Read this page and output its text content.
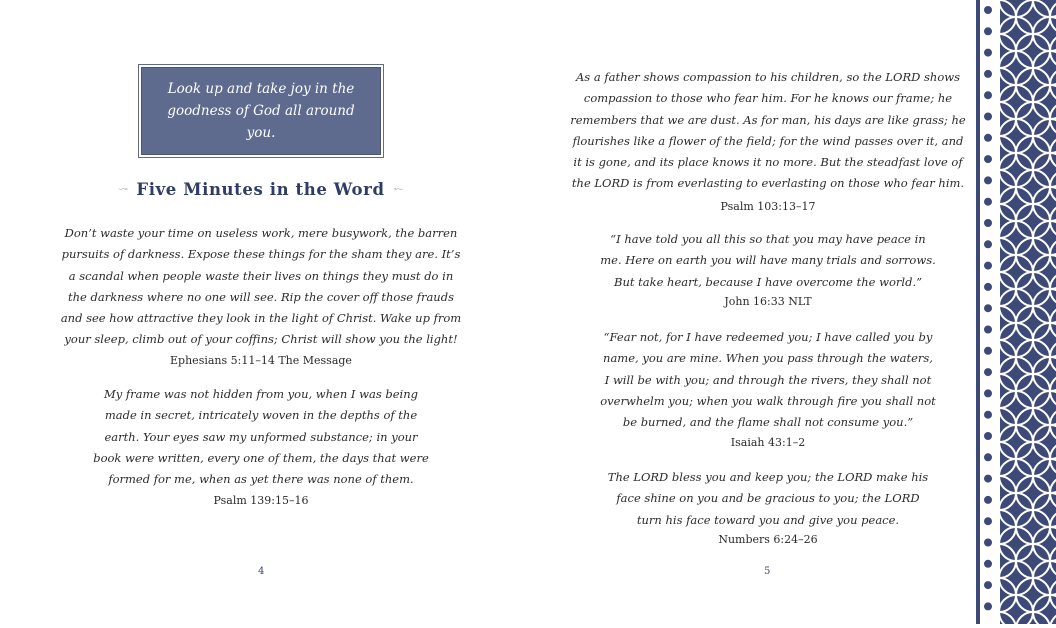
Look up and take joy in the
goodness of God all around you.
Five Minutes in the Word

Don’t waste your time on useless work, mere busywork, the barren

pursuits of darkness. Expose these things for the sham they are. It’s

a scandal when people waste their lives on things they must do in

the darkness where no one will see. Rip the cover off those frauds

and see how attractive they look in the light of Christ. Wake up from

your sleep, climb out of your coffins; Christ will show you the light!

Ephesians 5:11–14 The Message

My frame was not hidden from you, when I was being

made in secret, intricately woven in the depths of the

earth. Your eyes saw my unformed substance; in your

book were written, every one of them, the days that were

formed for me, when as yet there was none of them.

Psalm 139:15–16
4

As a father shows compassion to his children, so the LORD shows

compassion to those who fear him. For he knows our frame; he

remembers that we are dust. As for man, his days are like grass; he

flourishes like a flower of the field; for the wind passes over it, and

it is gone, and its place knows it no more. But the steadfast love of

the LORD is from everlasting to everlasting on those who fear him.

Psalm 103:13–17

“I have told you all this so that you may have peace in

me. Here on earth you will have many trials and sorrows.

But take heart, because I have overcome the world.”

John 16:33 NLT

“Fear not, for I have redeemed you; I have called you by

name, you are mine. When you pass through the waters,

I will be with you; and through the rivers, they shall not

overwhelm you; when you walk through fire you shall not

be burned, and the flame shall not consume you.”

Isaiah 43:1–2

The LORD bless you and keep you; the LORD make his

face shine on you and be gracious to you; the LORD

turn his face toward you and give you peace.

Numbers 6:24–26
5
